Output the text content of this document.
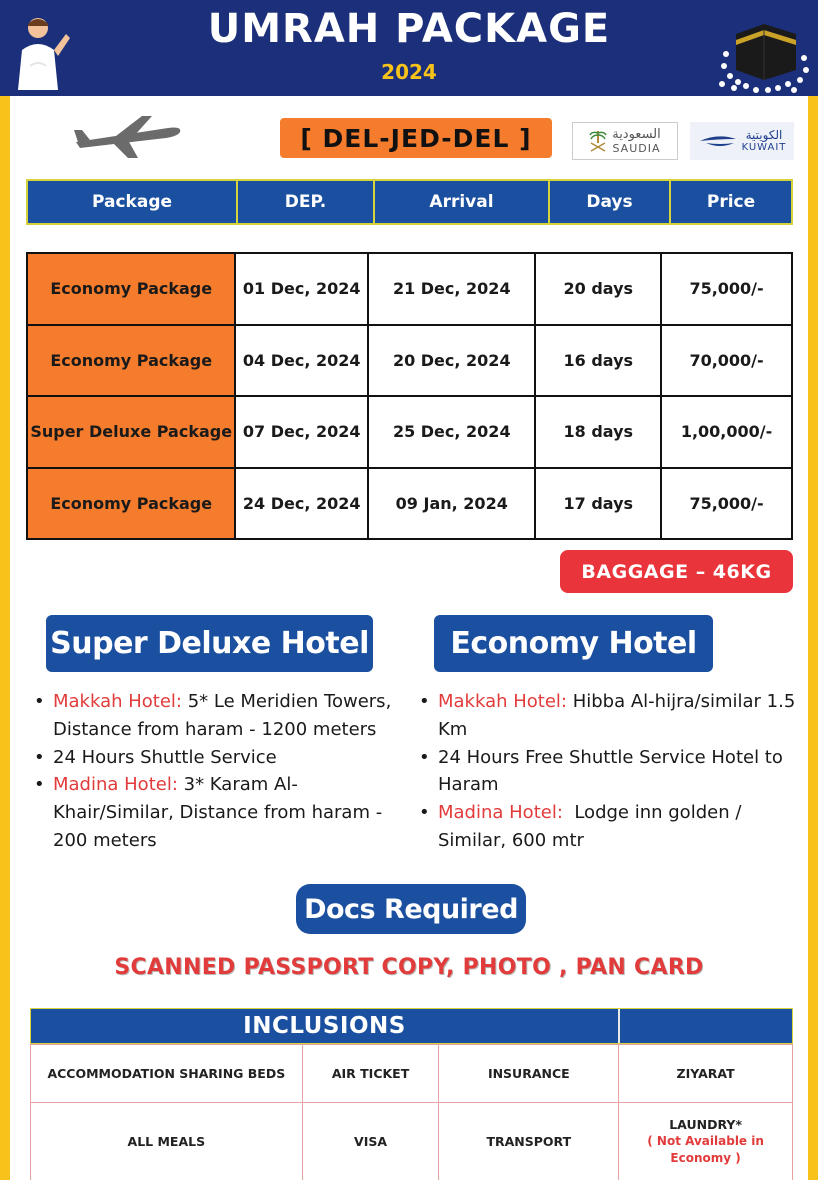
UMRAH PACKAGE
2024
[ DEL-JED-DEL ]	السعودية
SAUDIA
الكويتية
KUWAIT
Package	DEP.	Arrival	Days	Price
Economy Package	01 Dec, 2024	21 Dec, 2024	20 days	75,000/-
Economy Package	04 Dec, 2024	20 Dec, 2024	16 days	70,000/-
Super Deluxe Package	07 Dec, 2024	25 Dec, 2024	18 days	1,00,000/-
Economy Package	24 Dec, 2024	09 Jan, 2024	17 days	75,000/-
BAGGAGE – 46KG
Super Deluxe Hotel	Economy Hotel
• Makkah Hotel: 5* Le Meridien Towers, Distance from haram - 1200 meters
• 24 Hours Shuttle Service
• Madina Hotel: 3* Karam Al-Khair/Similar, Distance from haram - 200 meters
• Makkah Hotel: Hibba Al-hijra/similar 1.5 Km
• 24 Hours Free Shuttle Service Hotel to Haram
• Madina Hotel:  Lodge inn golden / Similar, 600 mtr
Docs Required
SCANNED PASSPORT COPY, PHOTO , PAN CARD
INCLUSIONS
ACCOMMODATION SHARING BEDS	AIR TICKET	INSURANCE	ZIYARAT
ALL MEALS	VISA	TRANSPORT	LAUNDRY*
( Not Available in Economy )
